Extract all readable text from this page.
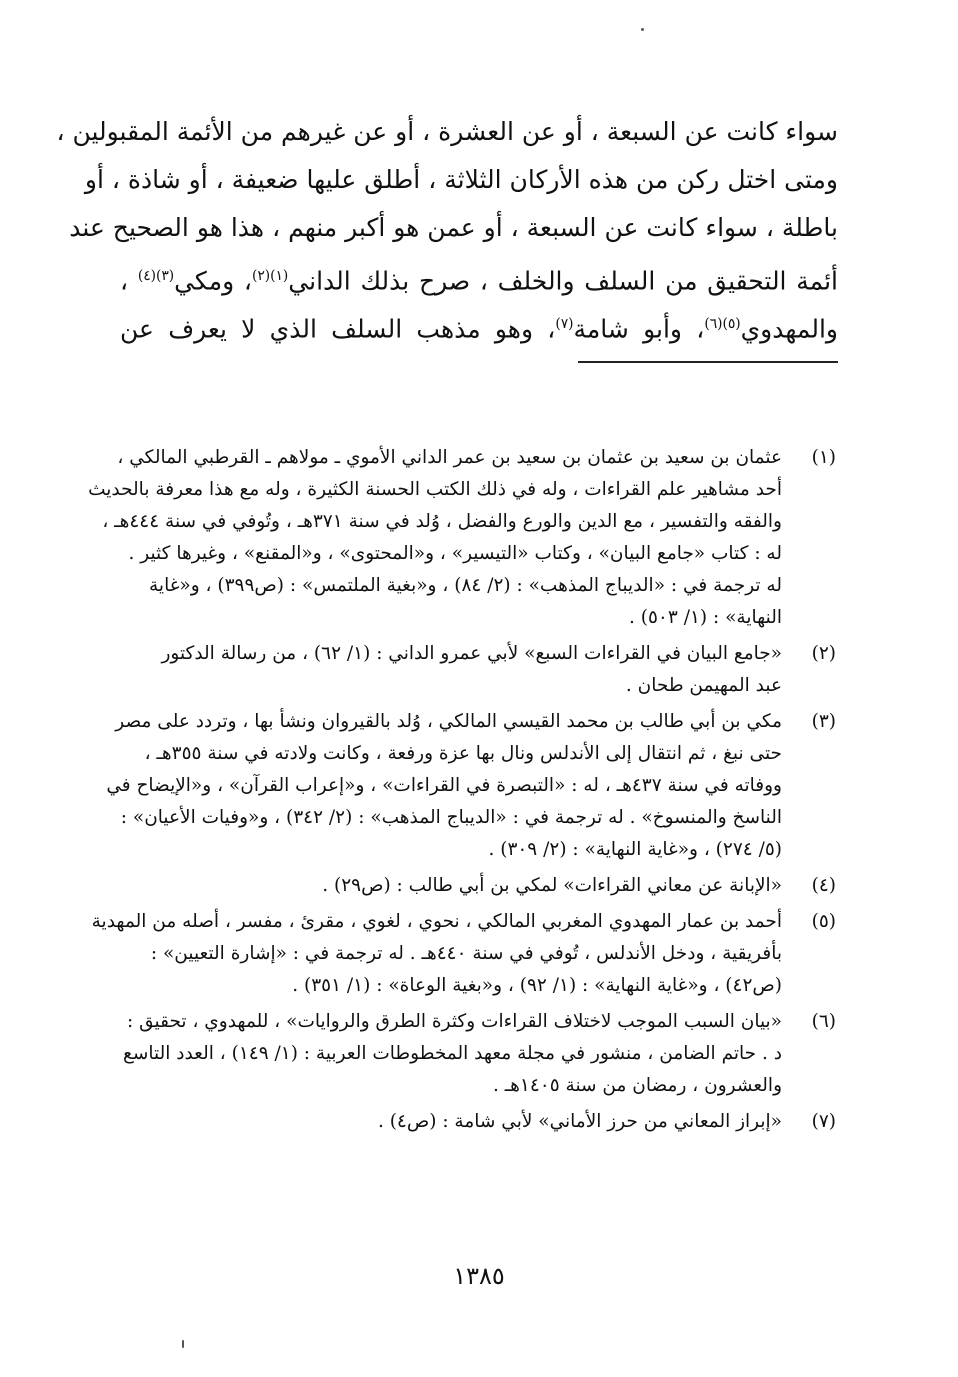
سواء كانت عن السبعة ، أو عن العشرة ، أو عن غيرهم من الأئمة المقبولين ،
ومتى اختل ركن من هذه الأركان الثلاثة ، أطلق عليها ضعيفة ، أو شاذة ، أو
باطلة ، سواء كانت عن السبعة ، أو عمن هو أكبر منهم ، هذا هو الصحيح عند
أئمة التحقيق من السلف والخلف ، صرح بذلك الداني$^{(١)(٢)}$، ومكي$^{(٣)(٤)}$ ،
والمهدوي$^{(٥)(٦)}$، وأبو شامة$^{(٧)}$، وهو مذهب السلف الذي لا يعرف عن
(١)
عثمان بن سعيد بن عثمان بن سعيد بن عمر الداني الأموي ـ مولاهم ـ القرطبي المالكي ،
أحد مشاهير علم القراءات ، وله في ذلك الكتب الحسنة الكثيرة ، وله مع هذا معرفة بالحديث
والفقه والتفسير ، مع الدين والورع والفضل ، وُلد في سنة ٣٧١هـ ، وتُوفي في سنة ٤٤٤هـ ،
له : كتاب «جامع البيان» ، وكتاب «التيسير» ، و«المحتوى» ، و«المقنع» ، وغيرها كثير .
له ترجمة في : «الديباج المذهب» : (٢/ ٨٤) ، و«بغية الملتمس» : (ص٣٩٩) ، و«غاية
النهاية» : (١/ ٥٠٣) .
(٢)
«جامع البيان في القراءات السبع» لأبي عمرو الداني : (١/ ٦٢) ، من رسالة الدكتور
عبد المهيمن طحان .
(٣)
مكي بن أبي طالب بن محمد القيسي المالكي ، وُلد بالقيروان ونشأ بها ، وتردد على مصر
حتى نبغ ، ثم انتقال إلى الأندلس ونال بها عزة ورفعة ، وكانت ولادته في سنة ٣٥٥هـ ،
ووفاته في سنة ٤٣٧هـ ، له : «التبصرة في القراءات» ، و«إعراب القرآن» ، و«الإيضاح في
الناسخ والمنسوخ» . له ترجمة في : «الديباج المذهب» : (٢/ ٣٤٢) ، و«وفيات الأعيان» :
(٥/ ٢٧٤) ، و«غاية النهاية» : (٢/ ٣٠٩) .
(٤)
«الإبانة عن معاني القراءات» لمكي بن أبي طالب : (ص٢٩) .
(٥)
أحمد بن عمار المهدوي المغربي المالكي ، نحوي ، لغوي ، مقرئ ، مفسر ، أصله من المهدية
بأفريقية ، ودخل الأندلس ، تُوفي في سنة ٤٤٠هـ . له ترجمة في : «إشارة التعيين» :
(ص٤٢) ، و«غاية النهاية» : (١/ ٩٢) ، و«بغية الوعاة» : (١/ ٣٥١) .
(٦)
«بيان السبب الموجب لاختلاف القراءات وكثرة الطرق والروايات» ، للمهدوي ، تحقيق :
د . حاتم الضامن ، منشور في مجلة معهد المخطوطات العربية : (١/ ١٤٩) ، العدد التاسع
والعشرون ، رمضان من سنة ١٤٠٥هـ .
(٧)
«إبراز المعاني من حرز الأماني» لأبي شامة : (ص٤) .
١٣٨٥
